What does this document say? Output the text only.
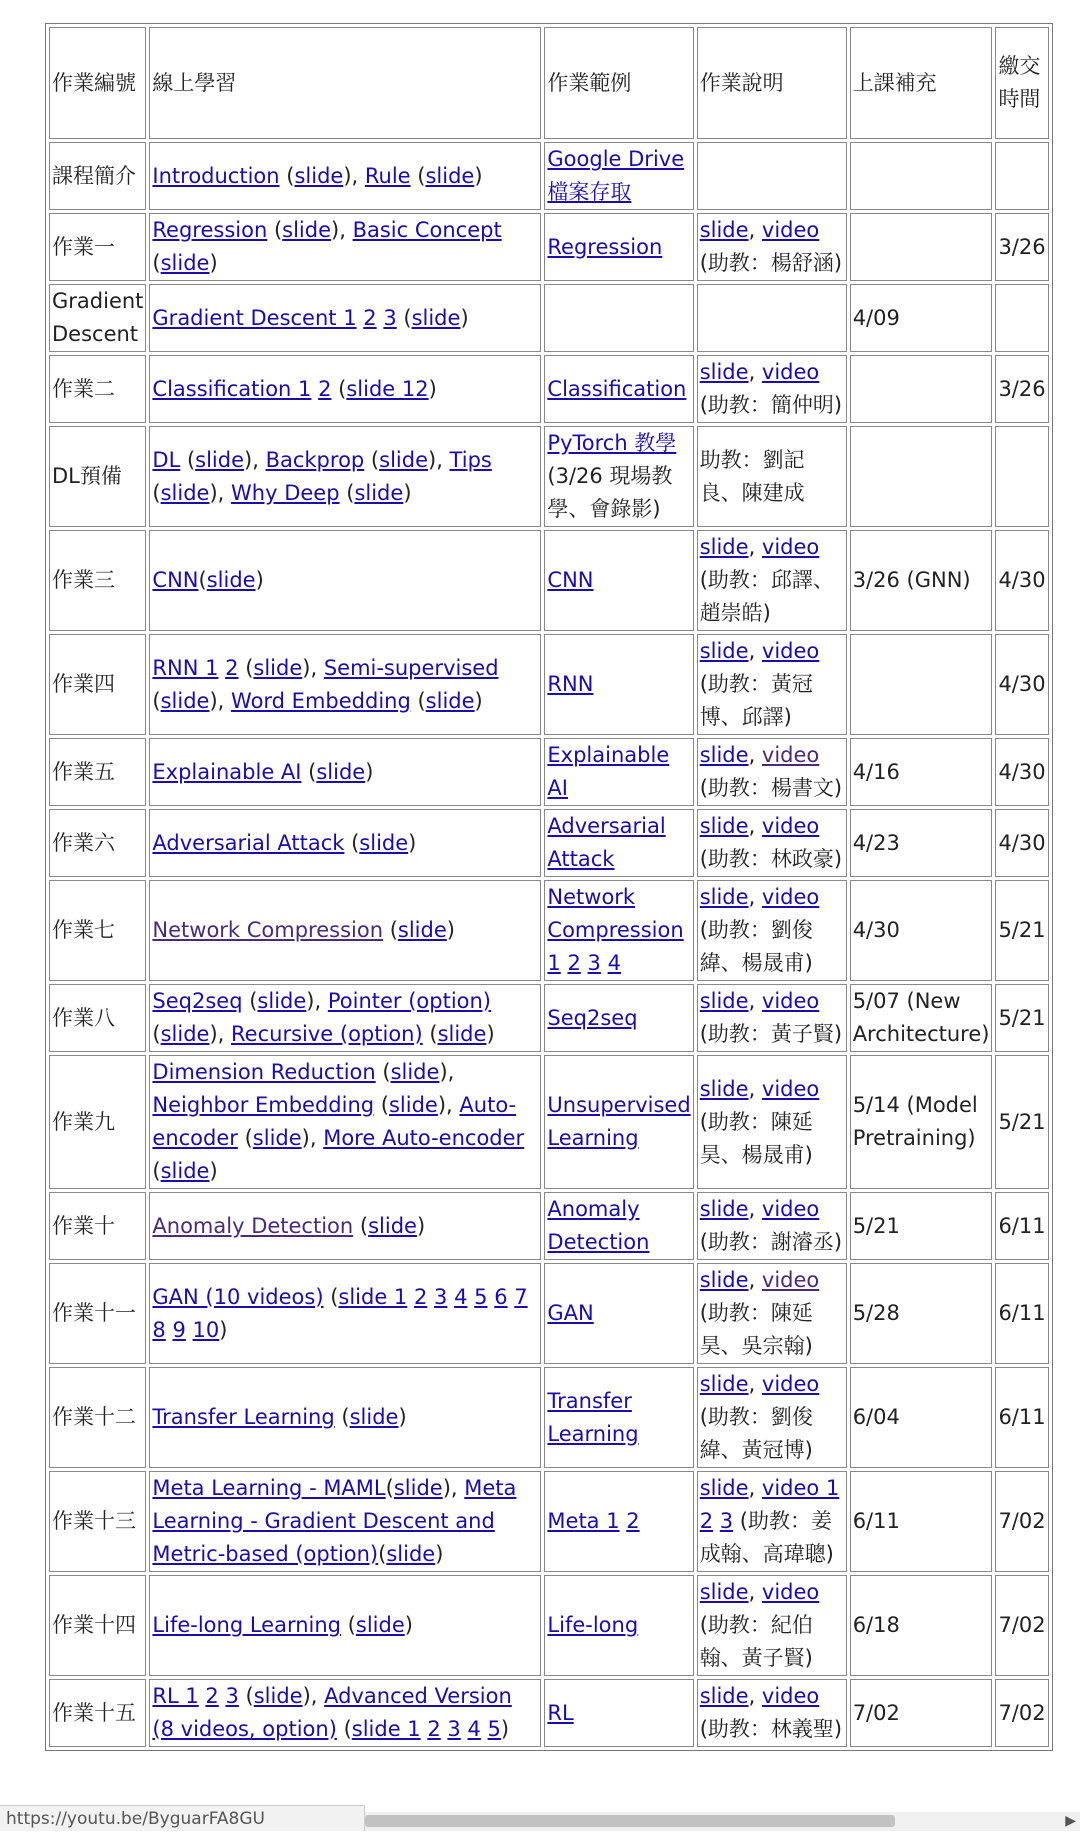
作業編號	線上學習	作業範例	作業說明	上課補充	繳交時間
課程簡介	Introduction (slide), Rule (slide)	Google Drive 檔案存取			
作業一	Regression (slide), Basic Concept (slide)	Regression	slide, video (助教：楊舒涵)		3/26
Gradient Descent	Gradient Descent 1 2 3 (slide)			4/09	
作業二	Classification 1 2 (slide 12)	Classification	slide, video (助教：簡仲明)		3/26
DL預備	DL (slide), Backprop (slide), Tips (slide), Why Deep (slide)	PyTorch 教學 (3/26 現場教學、會錄影)	助教：劉記良、陳建成		
作業三	CNN(slide)	CNN	slide, video (助教：邱譯、趙崇皓)	3/26 (GNN)	4/30
作業四	RNN 1 2 (slide), Semi-supervised (slide), Word Embedding (slide)	RNN	slide, video (助教：黃冠博、邱譯)		4/30
作業五	Explainable AI (slide)	Explainable AI	slide, video (助教：楊書文)	4/16	4/30
作業六	Adversarial Attack (slide)	Adversarial Attack	slide, video (助教：林政豪)	4/23	4/30
作業七	Network Compression (slide)	Network Compression 1 2 3 4	slide, video (助教：劉俊緯、楊晟甫)	4/30	5/21
作業八	Seq2seq (slide), Pointer (option) (slide), Recursive (option) (slide)	Seq2seq	slide, video (助教：黃子賢)	5/07 (New Architecture)	5/21
作業九	Dimension Reduction (slide), Neighbor Embedding (slide), Auto-encoder (slide), More Auto-encoder (slide)	Unsupervised Learning	slide, video (助教：陳延昊、楊晟甫)	5/14 (Model Pretraining)	5/21
作業十	Anomaly Detection (slide)	Anomaly Detection	slide, video (助教：謝濬丞)	5/21	6/11
作業十一	GAN (10 videos) (slide 1 2 3 4 5 6 7 8 9 10)	GAN	slide, video (助教：陳延昊、吳宗翰)	5/28	6/11
作業十二	Transfer Learning (slide)	Transfer Learning	slide, video (助教：劉俊緯、黃冠博)	6/04	6/11
作業十三	Meta Learning - MAML(slide), Meta Learning - Gradient Descent and Metric-based (option)(slide)	Meta 1 2	slide, video 1 2 3 (助教：姜成翰、高瑋聰)	6/11	7/02
作業十四	Life-long Learning (slide)	Life-long	slide, video (助教：紀伯翰、黃子賢)	6/18	7/02
作業十五	RL 1 2 3 (slide), Advanced Version (8 videos, option) (slide 1 2 3 4 5)	RL	slide, video (助教：林義聖)	7/02	7/02
https://youtu.be/ByguarFA8GU	▶
